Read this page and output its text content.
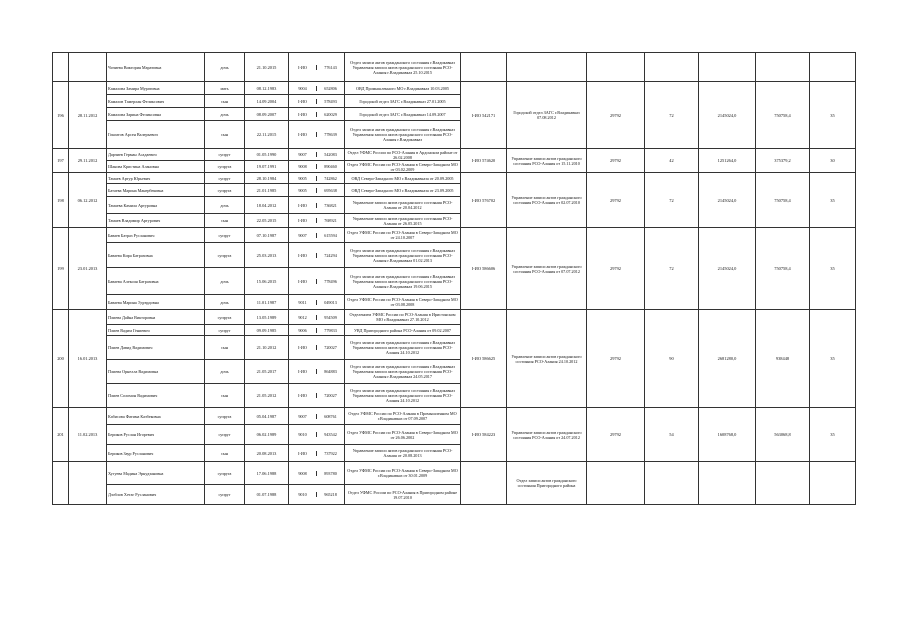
		Чочиева Виктория Маратовна	дочь	21.10.2015	I-ИО 776143	Отдел записи актов гражданского состояния г.Владикавказ Управления записи актов гражданского состояния РСО-Алания г.Владикавказ 25.10.2015							
196	28.11.2012	Камалова Замира Муратовна	мать	08.12.1983	9004 652806	ОВД Промышленного МО г.Владикавказ 10.03.2005	I-ИО 542171	Городской отдел ЗАГС г.Владикавказ 07.08.2012	29792	72	2145024,0	750758,4	35
		Камалов Тамерлан Феликсович	сын	14.09.2004	I-ИО 578493	Городской отдел ЗАГС г.Владикавказ 27.01.2005							
		Камалова Зарина Феликсовна	дочь	08.09.2007	I-ИО 620029	Городской отдел ЗАГС г.Владикавказ 14.09.2007							
		Гокоатов Арсен Валерьевич	сын	22.11.2015	I-ИО 778639	Отдел записи актов гражданского состояния г.Владикавказ Управления записи актов гражданского состояния РСО-Алания г.Владикавказ							
197	29.11.2012	Дарчиев Герман Асадаевич	супруг	01.05.1990	9007 542083	Отдел УФМС России по РСО-Алания в Ардонском районе от 26.02.2008	I-ИО 574620	Управление записи актов гражданского состояния РСО-Алания от 15.11.2010	29792	42	1251264,0	375379,2	30
		Шанова Кристина Алановна	супруга	19.07.1991	9008 890460	Отдел УФМС России по РСО-Алания в Северо-Западном МО от 03.02.2009							
198	06.12.2012	Тамаев Артур Юрьевич	супруг	28.10.1984	9005 742862	ОВД Северо-Западного МО г.Владикавказа от 20.09.2005	I-ИО 576702	Управление записи актов гражданского состояния РСО-Алания от 02.07.2010	29792	72	2145024,0	750758,4	35
		Батаева Марина Манербековна	супруга	21.01.1985	9005 695638	ОВД Северо-Западного МО г.Владикавказа от 23.09.2005							
		Тамаева Камила Артуровна	дочь	18.04.2012	I-ИО 736821	Управление записи актов гражданского состояния РСО-Алания от 20.04.2012							
		Тамаев Владимир Артурович	сын	22.05.2015	I-ИО 768921	Управление записи актов гражданского состояния РСО-Алания от 26.05.2015							
199	23.01.2013	Баваев Батраз Русланович	супруг	07.10.1987	9007 615594	Отдел УФМС России по РСО-Алания в Северо-Западном МО от 24.10.2007	I-ИО 586606	Управление записи актов гражданского состояния РСО-Алания от 07.07.2012	29792	72	2145024,0	750758,4	35
		Баваева Кира Батразовна	супруга	25.03.2013	I-ИО 724294	Отдел записи актов гражданского состояния г.Владикавказ Управления записи актов гражданского состояния РСО-Алания г.Владикавказ 01.02.2013							
		Баваева Алексия Батразовна	дочь	15.06.2015	I-ИО 778496	Отдел записи актов гражданского состояния г.Владикавказ Управления записи актов гражданского состояния РСО-Алания г.Владикавказ 19.06.2015							
		Баваева Марина Эдуардовна	дочь	11.01.1987	9011 049013	Отдел УФМС России по РСО-Алания в Северо-Западном МО от 03.08.2008							
200	16.01.2013	Плиева Дайна Викторовна	супруга	13.05.1989	9012 954509	Отделением УФМС России по РСО-Алания в Иристонском МО г.Владикавказ 27.10.2012	I-ИО 586625	Управление записи актов гражданского состояния РСО-Алания 24.10.2012	29792	90	2681280,0	938448	35
		Плиев Вадим Гениевич	супруг	09.09.1985	9006 779833	УВД Пригородного района РСО-Алания от 09.02.2007							
		Плиев Давид Вадимович	сын	21.10.2012	I-ИО 720027	Отдел записи актов гражданского состояния г.Владикавказ Управления записи актов гражданского состояния РСО-Алания 24.10.2012							
		Плиева Орнелла Вадимовна	дочь	21.05.2017	I-ИО 864883	Отдел записи актов гражданского состояния г.Владикавказ Управления записи актов гражданского состояния РСО-Алания г.Владикавказ 24.05.2017							
		Плиев Соломон Вадимович	сын	21.05.2012	I-ИО 720027	Отдел записи актов гражданского состояния г.Владикавказ Управления записи актов гражданского состояния РСО-Алания 24.10.2012							
201	11.02.2013	Кабисова Фатима Казбековна	супруга	05.04.1987	9007 608761	Отдел УФМС России по РСО-Алания в Промышленном МО г.Владикавказ от 07.09.2007	I-ИО 584223	Управление записи актов гражданского состояния РСО-Алания от 24.07.2012	29792	54	1608768,0	563068,8	35
		Бериков Руслан Игоревич	супруг	06.02.1989	9010 943542	Отдел УФМС России по РСО-Алания в Северо-Западном МО от 26.06.2002							
		Бериков Заур Русланович	сын	20.08.2013	I-ИО 737922	Управление записи актов гражданского состояния РСО-Алания от 20.08.2013							
		Хугуева Мадина Эрнудзановна	супруга	17.06.1988	9008 893780	Отдел УФМС России по РСО-Алания в Северо-Западном МО г.Владикавказ от 30.01.2009		Отдел записи актов гражданского состояния Пригородного района					
		Дзоблов Хетаг Русланович	супруг	01.07.1988	9010 965218	Отдел УФМС России по РСО-Алания в Пригородном районе 19.07.2010							
